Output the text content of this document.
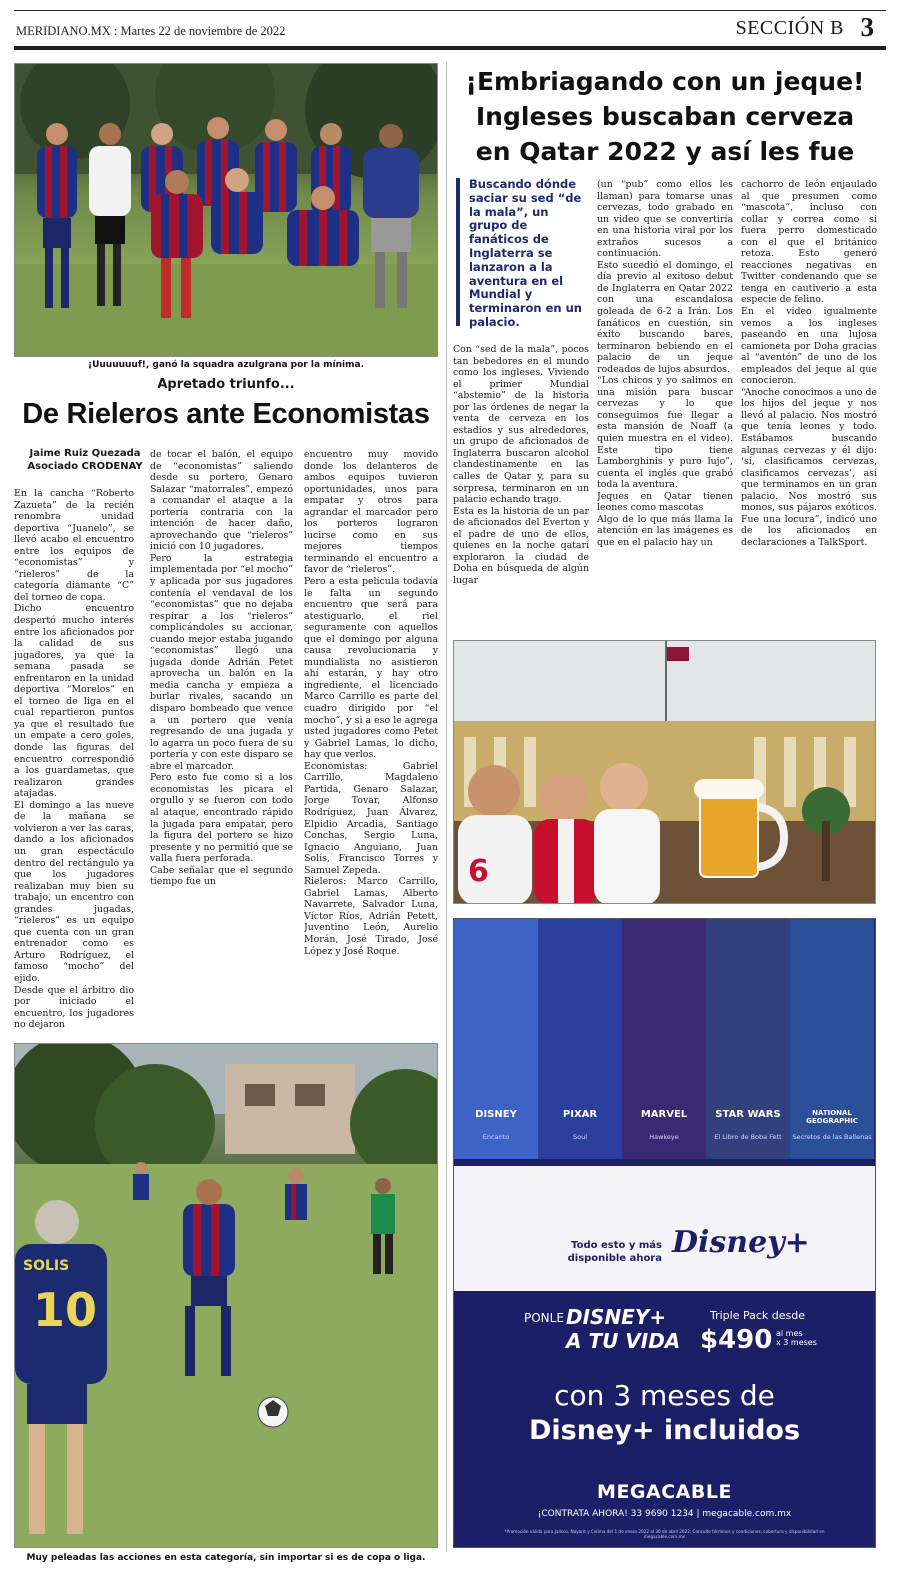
MERIDIANO.MX : Martes 22 de noviembre de 2022	SECCIÓN B 3
¡Uuuuuuuf!, ganó la squadra azulgrana por la mínima.
Apretado triunfo...
De Rieleros ante Economistas
Jaime Ruiz Quezada
Asociado CRODENAY

En la cancha “Roberto Zazueta” de la recién renombra unidad deportiva “Juanelo”, se llevó acabo el encuentro entre los equipos de “economistas” y “rieleros” de la categoría diamante “C” del torneo de copa.

Dicho encuentro despertó mucho interés entre los aficionados por la calidad de sus jugadores, ya que la semana pasada se enfrentaron en la unidad deportiva “Morelos” en el torneo de liga en el cual repartieron puntos ya que el resultado fue un empate a cero goles, donde las figuras del encuentro correspondió a los guardametas, que realizaron grandes atajadas.

El domingo a las nueve de la mañana se volvieron a ver las caras, dando a los aficionados un gran espectáculo dentro del rectángulo ya que los jugadores realizaban muy bien su trabajo, un encentro con grandes jugadas, “rieleros” es un equipo que cuenta con un gran entrenador como es Arturo Rodríguez, el famoso “mocho” del ejido.

Desde que el árbitro dio por iniciado el encuentro, los jugadores no dejaron

de tocar el balón, el equipo de “economistas” saliendo desde su portero, Genaro Salazar “matorrales”, empezó a comandar el ataque a la portería contraria con la intención de hacer daño, aprovechando que “rieleros” inició con 10 jugadores.

Pero la estrategia implementada por “el mocho” y aplicada por sus jugadores contenía el vendaval de los “economistas” que no dejaba respirar a los “rieleros” complicándoles su accionar, cuando mejor estaba jugando “economistas” llegó una jugada donde Adrián Petet aprovecha un balón en la media cancha y empieza a burlar rivales, sacando un disparo bombeado que vence a un portero que venía regresando de una jugada y lo agarra un poco fuera de su portería y con este disparo se abre el marcador.

Pero esto fue como si a los economistas les picara el orgullo y se fueron con todo al ataque, encontrado rápido la jugada para empatar, pero la figura del portero se hizo presente y no permitió que se valla fuera perforada.

Cabe señalar que el segundo tiempo fue un

encuentro muy movido donde los delanteros de ambos equipos tuvieron oportunidades, unos para empatar y otros para agrandar el marcador pero los porteros lograron lucirse como en sus mejores tiempos terminando el encuentro a favor de “rieleros”.

Pero a esta película todavía le falta un segundo encuentro que será para atestiguarlo, el riel seguramente con aquellos que el domingo por alguna causa revolucionaria y mundialista no asistieron ahí estarán, y hay otro ingrediente, el licenciado Marco Carrillo es parte del cuadro dirigido por “el mocho”, y si a eso le agrega usted jugadores como Petet y Gabriel Lamas, lo dicho, hay que verlos.

Economistas: Gabriel Carrillo, Magdaleno Partida, Genaro Salazar, Jorge Tovar, Alfonso Rodríguez, Juan Álvarez, Elpidio Arcadia, Santiago Conchas, Sergio Luna, Ignacio Anguiano, Juan Solís, Francisco Torres y Samuel Zepeda.

Rieleros: Marco Carrillo, Gabriel Lamas, Alberto Navarrete, Salvador Luna, Víctor Ríos, Adrián Petett, Juventino León, Aurelio Morán, José Tirado, José López y José Roque.

SOLIS
10
Muy peleadas las acciones en esta categoría, sin importar si es de copa o liga.
¡Embriagando con un jeque!
Ingleses buscaban cerveza
en Qatar 2022 y así les fue
Buscando dónde saciar su sed “de la mala”, un grupo de fanáticos de Inglaterra se lanzaron a la aventura en el Mundial y terminaron en un palacio.

Con “sed de la mala”, pocos tan bebedores en el mundo como los ingleses. Viviendo el primer Mundial “abstemio” de la historia por las órdenes de negar la venta de cerveza en los estadios y sus alrededores, un grupo de aficionados de Inglaterra buscaron alcohol clandestinamente en las calles de Qatar y, para su sorpresa, terminaron en un palacio echando trago.

Esta es la historia de un par de aficionados del Everton y el padre de uno de ellos, quienes en la noche qatarí exploraron la ciudad de Doha en búsqueda de algún lugar

(un “pub” como ellos les llaman) para tomarse unas cervezas, todo grabado en un video que se convertiría en una historia viral por los extraños sucesos a continuación.

Esto sucedió el domingo, el día previo al exitoso debut de Inglaterra en Qatar 2022 con una escandalosa goleada de 6-2 a Irán. Los fanáticos en cuestión, sin éxito buscando bares, terminaron bebiendo en el palacio de un jeque rodeados de lujos absurdos.

“Los chicos y yo salimos en una misión para buscar cervezas y lo que conseguimos fue llegar a esta mansión de Noaff (a quien muestra en el video). Este tipo tiene Lamborghinis y puro lujo”, cuenta el inglés que grabó toda la aventura.

Jeques en Qatar tienen leones como mascotas

Algo de lo que más llama la atención en las imágenes es que en el palacio hay un

cachorro de león enjaulado al que presumen como “mascota”, incluso con collar y correa como si fuera perro domesticado con el que el británico retoza. Esto generó reacciones negativas en Twitter condenando que se tenga en cautiverio a esta especie de felino.

En el video igualmente vemos a los ingleses paseando en una lujosa camioneta por Doha gracias al “aventón” de uno de los empleados del jeque al que conocieron.

“Anoche conocimos a uno de los hijos del jeque y nos llevó al palacio. Nos mostró que tenía leones y todo. Estábamos buscando algunas cervezas y él dijo: ‘sí, clasificamos cervezas, clasificamos cervezas’, así que terminamos en un gran palacio. Nos mostró sus monos, sus pájaros exóticos. Fue una locura”, indicó uno de los aficionados en declaraciones a TalkSport.

6
DISNEY
Encanto
PIXAR
Soul
MARVEL
Hawkeye
STAR WARS
El Libro de Boba Fett
NATIONAL GEOGRAPHIC
Secretos de las Ballenas
Todo esto y más
disponible ahora Disney+
PONLE DISNEY+
A TU VIDA
Triple Pack desde
$490 al mes
x 3 meses
con 3 meses de
Disney+ incluidos
MEGACABLE
¡CONTRATA AHORA! 33 9690 1234 | megacable.com.mx
*Promoción válida para Jalisco, Nayarit y Colima del 1 de enero 2022 al 30 de abril 2022. Consulte términos y condiciones, cobertura y disponibilidad en megacable.com.mx
